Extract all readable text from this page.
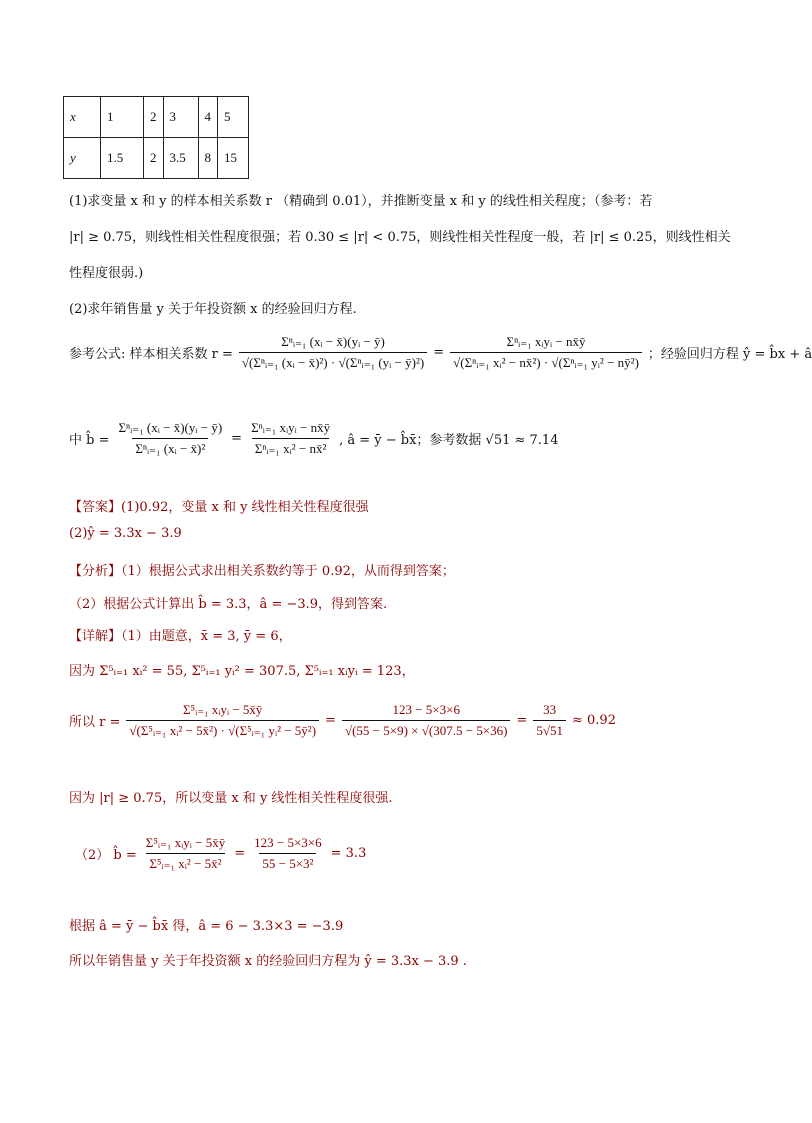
x	1	2	3	4	5
y	1.5	2	3.5	8	15
(1)求变量 x 和 y 的样本相关系数 r （精确到 0.01），并推断变量 x 和 y 的线性相关程度；（参考：若
|r| ≥ 0.75，则线性相关性程度很强；若 0.30 ≤ |r| < 0.75，则线性相关性程度一般，若 |r| ≤ 0.25，则线性相关
性程度很弱.)
(2)求年销售量 y 关于年投资额 x 的经验回归方程.
参考公式: 样本相关系数 $r = \frac{\text{Σⁿᵢ₌₁ (xᵢ − x̄)(yᵢ − ȳ)}}{\text{√(Σⁿᵢ₌₁ (xᵢ − x̄)²) · √(Σⁿᵢ₌₁ (yᵢ − ȳ)²)}} = \frac{\text{Σⁿᵢ₌₁ xᵢyᵢ − nx̄ȳ}}{\text{√(Σⁿᵢ₌₁ xᵢ² − nx̄²) · √(Σⁿᵢ₌₁ yᵢ² − nȳ²)}}$ ；经验回归方程 ŷ = b̂x + â
中 b̂ = $\frac{\text{Σⁿᵢ₌₁ (xᵢ − x̄)(yᵢ − ȳ)}}{\text{Σⁿᵢ₌₁ (xᵢ − x̄)²}} = \frac{\text{Σⁿᵢ₌₁ xᵢyᵢ − nx̄ȳ}}{\text{Σⁿᵢ₌₁ xᵢ² − nx̄²}}$ , â = ȳ − b̂x̄；参考数据 √51 ≈ 7.14
【答案】(1)0.92，变量 x 和 y 线性相关性程度很强
(2)ŷ = 3.3x − 3.9
【分析】（1）根据公式求出相关系数约等于 0.92，从而得到答案；
（2）根据公式计算出 b̂ = 3.3，â = −3.9，得到答案.
【详解】（1）由题意，x̄ = 3, ȳ = 6，
因为 Σ⁵ᵢ₌₁ xᵢ² = 55, Σ⁵ᵢ₌₁ yᵢ² = 307.5, Σ⁵ᵢ₌₁ xᵢyᵢ = 123，
所以 $r = \frac{\text{Σ⁵ᵢ₌₁ xᵢyᵢ − 5x̄ȳ}}{\text{√(Σ⁵ᵢ₌₁ xᵢ² − 5x̄²) · √(Σ⁵ᵢ₌₁ yᵢ² − 5ȳ²)}} = \frac{123 - 5\times 3\times 6}{√(55 - 5\times 9) \times √(307.5 - 5\times 36)} = \frac{33}{5√51} \approx 0.92$
因为 |r| ≥ 0.75，所以变量 x 和 y 线性相关性程度很强.
（2） b̂ = $\frac{\text{Σ⁵ᵢ₌₁ xᵢyᵢ − 5x̄ȳ}}{\text{Σ⁵ᵢ₌₁ xᵢ² − 5x̄²}} = \frac{123 - 5\times 3\times 6}{\text{55 − 5×3²}} = 3.3$
根据 â = ȳ − b̂x̄ 得，â = 6 − 3.3×3 = −3.9
所以年销售量 y 关于年投资额 x 的经验回归方程为 ŷ = 3.3x − 3.9 .
